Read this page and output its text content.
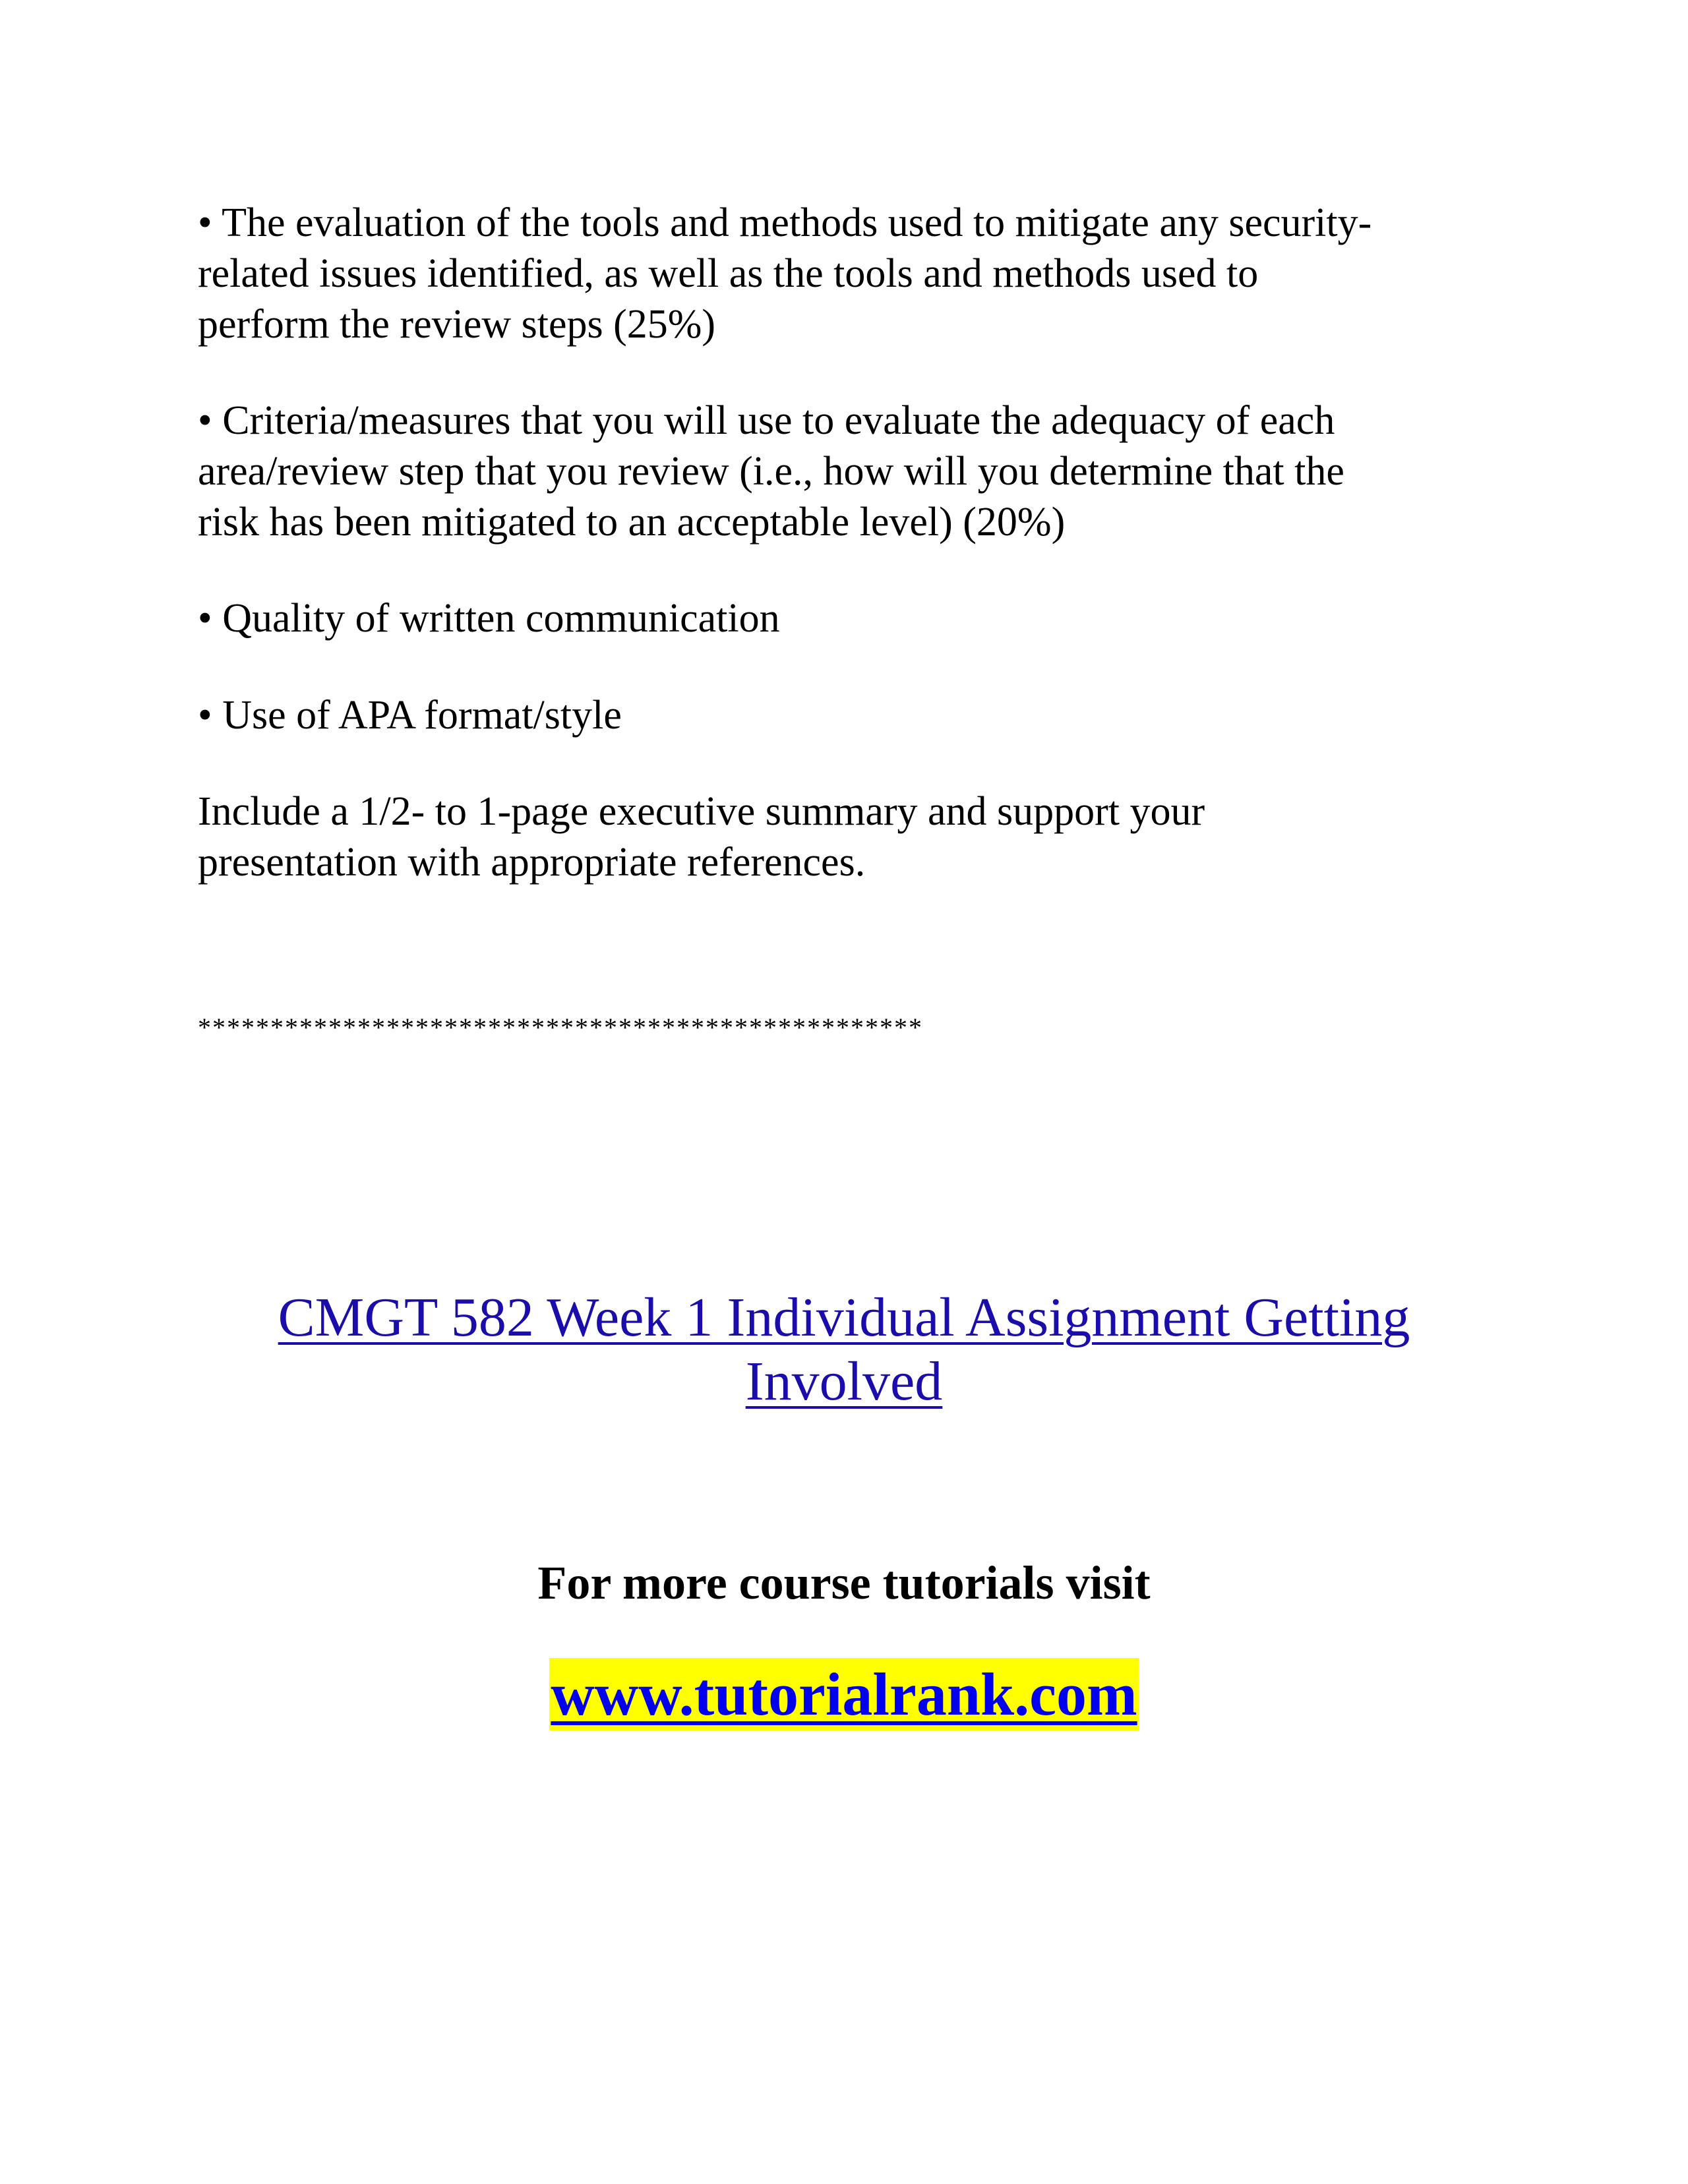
• The evaluation of the tools and methods used to mitigate any security-
related issues identified, as well as the tools and methods used to
perform the review steps (25%)

• Criteria/measures that you will use to evaluate the adequacy of each
area/review step that you review (i.e., how will you determine that the
risk has been mitigated to an acceptable level) (20%)

• Quality of written communication

• Use of APA format/style

Include a 1/2- to 1-page executive summary and support your
presentation with appropriate references.

**************************************************

CMGT 582 Week 1 Individual Assignment Getting
Involved

For more course tutorials visit

www.tutorialrank.com
